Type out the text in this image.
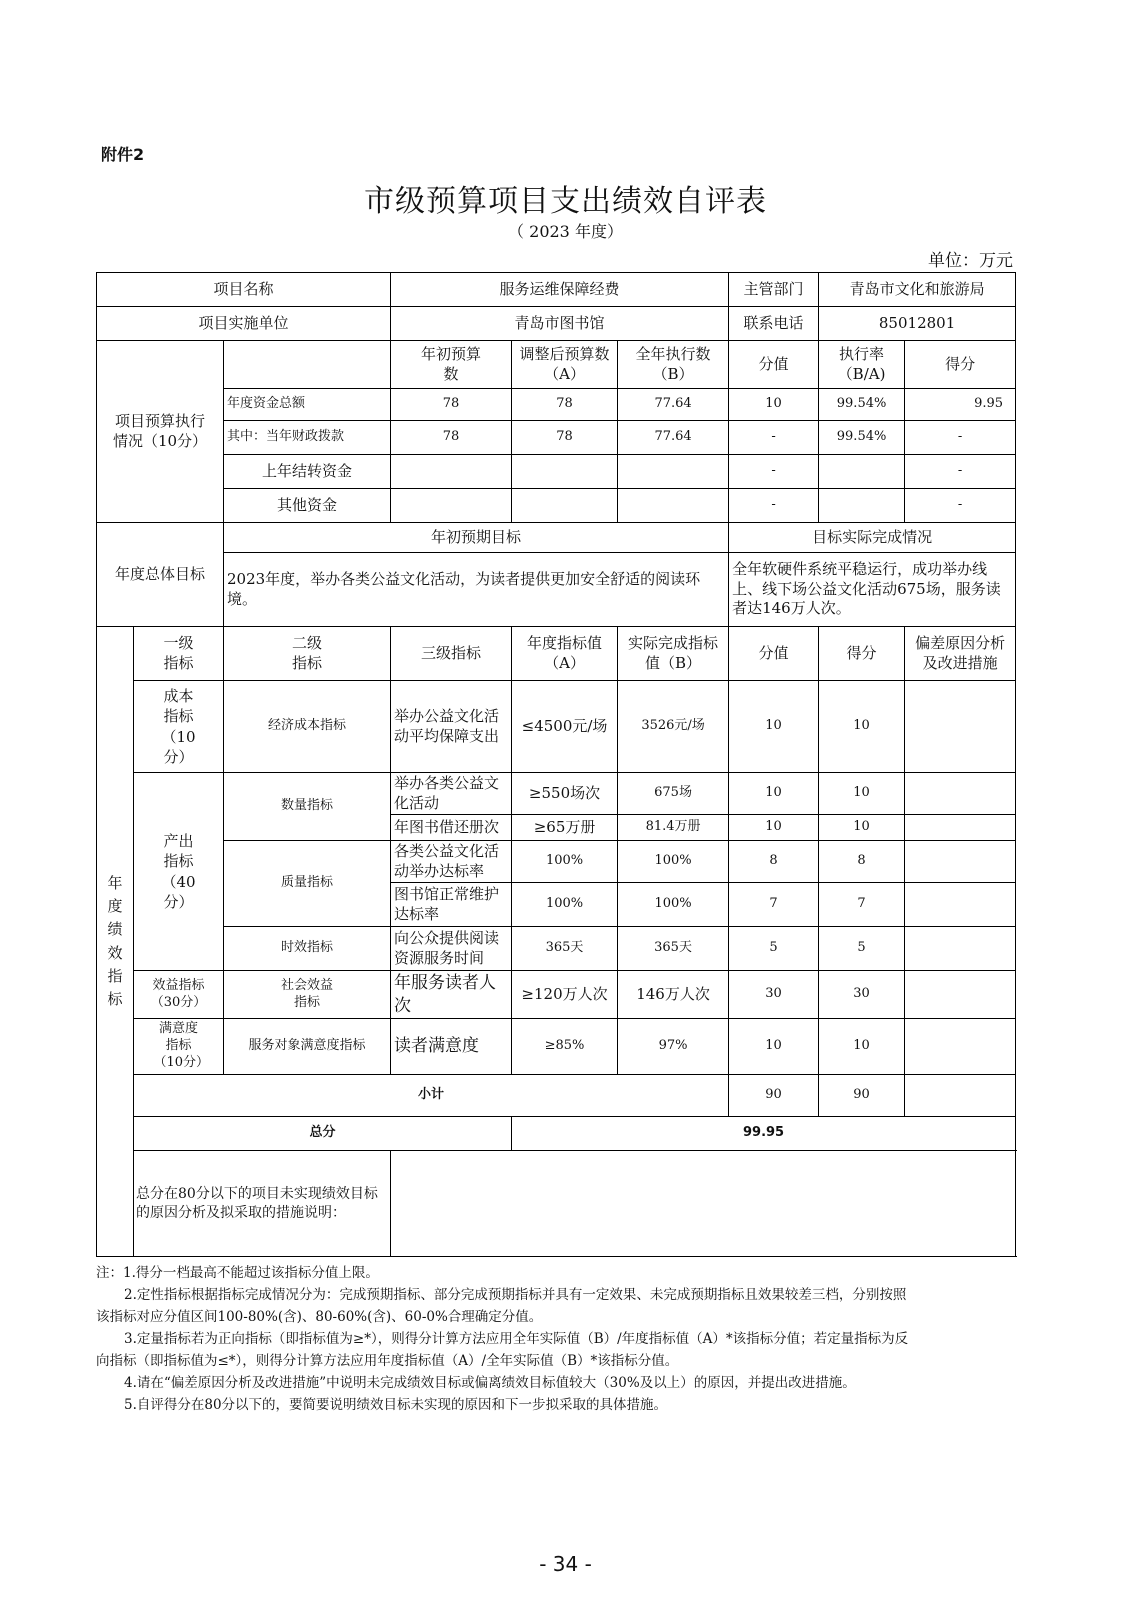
附件2
市级预算项目支出绩效自评表
（ 2023 年度）
单位：万元
项目名称			服务运维保障经费			主管部门	青岛市文化和旅游局	
项目实施单位			青岛市图书馆			联系电话	85012801	
项目预算执行情况（10分）			年初预算数	调整后预算数（A）	全年执行数（B）	分值	执行率（B/A)	得分
		年度资金总额	78	78	77.64	10	99.54%	9.95
		其中：当年财政拨款	78	78	77.64	-	99.54%	-
		上年结转资金				-		-
		其他资金				-		-
年度总体目标		年初预期目标				目标实际完成情况		
		2023年度，举办各类公益文化活动，为读者提供更加安全舒适的阅读环境。				全年软硬件系统平稳运行，成功举办线上、线下场公益文化活动675场，服务读者达146万人次。		

年度绩效指标	一级指标	二级指标	三级指标	年度指标值（A）	实际完成指标值（B）	分值	得分	偏差原因分析及改进措施

	成本指标（10分）	经济成本指标	举办公益文化活动平均保障支出	≤4500元/场	3526元/场	10	10	

	产出指标（40分）	数量指标	举办各类公益文化活动	≥550场次	675场	10	10	
			年图书借还册次	≥65万册	81.4万册	10	10	
		质量指标	各类公益文化活动举办达标率	100%	100%	8	8	
			图书馆正常维护达标率	100%	100%	7	7	
		时效指标	向公众提供阅读资源服务时间	365天	365天	5	5	

	效益指标（30分）	社会效益指标	年服务读者人次	≥120万人次	146万人次	30	30	

	满意度指标（10分）	服务对象满意度指标	读者满意度	≥85%	97%	10	10	
	小计					90	90	
	总分			99.95				
	总分在80分以下的项目未实现绩效目标的原因分析及拟采取的措施说明：							

注：1.得分一档最高不能超过该指标分值上限。

2.定性指标根据指标完成情况分为：完成预期指标、部分完成预期指标并具有一定效果、未完成预期指标且效果较差三档，分别按照

该指标对应分值区间100-80%(含)、80-60%(含)、60-0%合理确定分值。

3.定量指标若为正向指标（即指标值为≥*），则得分计算方法应用全年实际值（B）/年度指标值（A）*该指标分值；若定量指标为反

向指标（即指标值为≤*），则得分计算方法应用年度指标值（A）/全年实际值（B）*该指标分值。

4.请在“偏差原因分析及改进措施”中说明未完成绩效目标或偏离绩效目标值较大（30%及以上）的原因，并提出改进措施。

5.自评得分在80分以下的，要简要说明绩效目标未实现的原因和下一步拟采取的具体措施。

- 34 -
